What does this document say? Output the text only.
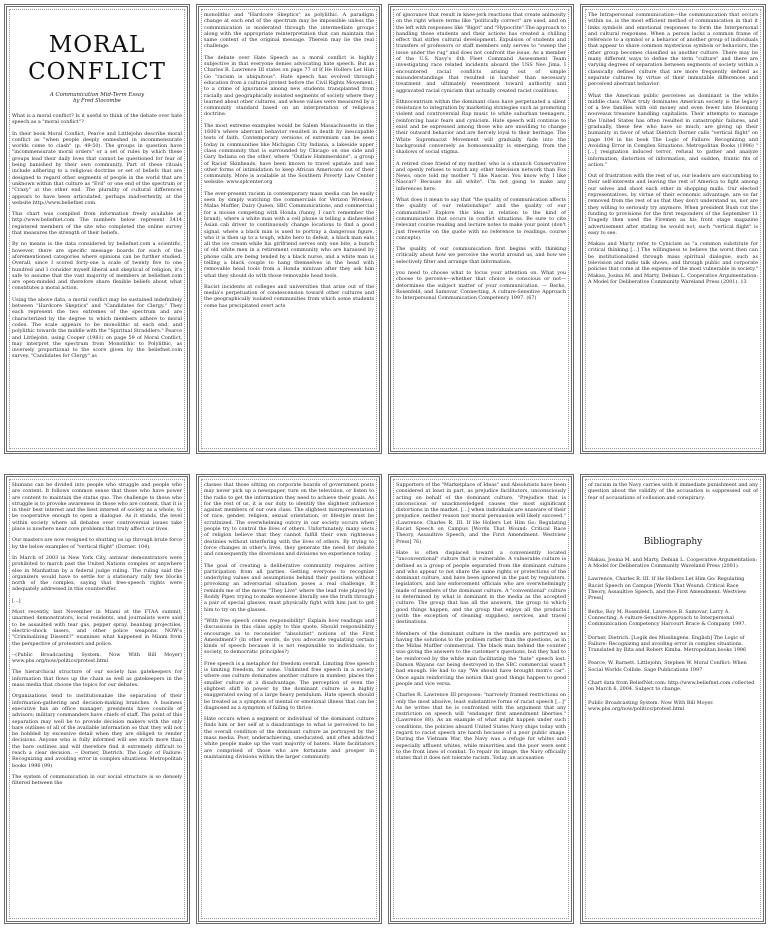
MORAL
CONFLICT
A Communication Mid-Term Essay
by Fred Slocombe

What is a moral conflict? Is it useful to think of the debate over hate speech as a "moral conflict"?

In their book Moral Conflict, Pearce and Littlejohn describe moral conflict as "when people deeply enmeshed in incommensurate worlds come to clash" (p. 49-50). The groups in question have "incommensurate moral orders" or a set of rules by which these groups lead their daily lives that cannot be questioned for fear of being banished by their own community. Part of these rituals include adhering to a religious doctrine or set of beliefs that are designed to regard other segments of people in the world that are unknown within that culture as "Evil" or one end of the spectrum or "Crazy" at the other end. The plurality of cultural differences appears to have been articulated, perhaps inadvertently, at the website http://www.beliefnet.com.

This chart was compiled from information freely available at http://www.beliefnet.com The numbers below represent 3414 registered members of the site who completed the online survey that measures the strength of their beliefs.

By no means is the data considered by beliefnet.com a scientific, however, there are specific message boards for each of the aforementioned categories where opinions can be further studied. Overall, since I scored forty-one a scale of twenty five to one hundred and I consider myself liberal and skeptical of religion, it's safe to assume that the vast majority of members at beliefnet.com are open-minded and therefore share flexible beliefs about what constitutes a moral action.

Using the above data, a moral conflict may be sustained indefinitely between "Hardcore Skeptics" and "Candidates for Clergy." They each represent the two extremes of the spectrum and are characterized by the degree to which members adhere to moral codes. The scale appears to be monolithic at each end, and polylithic towards the middle with the "Spiritual Straddlers." Pearce and Littlejohn, using Cooper (1981) on page 59 of Moral Conflict, may interpret the spectrum from Monolithic to Polylithic, as inversely proportional to the score given by the beliefnet.com survey, "Candidates for Clergy" as

monolithic and "Hardcore Skeptics" as polylithic. A paradigm change at each end of the spectrum may be impossible unless the communication is moderated through the intermediate groups along with the appropriate reinterpretation that can maintain the same context of the original message. Therein may lie the real challenge.

The debate over Hate Speech as a moral conflict is highly subjective in that everyone denies advocating hate speech. But as Charles R. Lawrence III states on page 77 of If He Hollers Let Him Go "racism is ubiquitous". Hate speech has evolved through education from a cultural protest before the Civil Rights Movement, to a crime of ignorance among new students transplanted from racially and geographically isolated segments of society where they learned about other cultures, and whose values were measured by a community standard based on an interpretation of religious doctrine.

The most extreme examples would be Salem Massachusetts in the 1600's where aberrant behavior resulted in death by inescapable tests of faith. Contemporary versions of extremism can be seen today in communities like Michigan City Indiana, a lakeside upper class community that is surrounded by Chicago on one side and Gary Indiana on the other, where "Outlaw Hammerskins", a group of Racist Skinheads, have been known to travel upstate and use other forms of intimidation to keep African Americans out of their community. More is available at the Southern Poverty Law Center website: www.splcenter.org

The ever-present racism in contemporary mass media can be easily seen by simply watching the commercials for Verizon Wireless, Malas Muffler, Dairy Queen, SBC Communications, and commercial for a mouse competing with Honda (funny, I can't remember the brand), where a white man with a cell phone is telling a disheveled Asian cab driver to continuously change locations to find a good signal, where a black man is used to portray a dangerous figure, who it is then up to a tough, white hero to defeat, a black man eats all the ice cream while his girlfriend serves only one bite, a bunch of old white men in a retirement community who are harassed by phone calls are being tended by a black nurse, and a white man is telling a black couple to hang themselves in the head with removable head tools from a Honda minivan after they ask him what they should do with those removable head tools.

Racist incidents at colleges and universities that arise out of the media's perpetuation of condescension toward other cultures and the geographically isolated communities from which some students come has precipitated overt acts

of ignorance that result in knee-jerk reactions that create animosity on the right where terms like "politically correct" are used, and on the left with responses like "Bigot" and "Hypocrite" The approach to handling those students and their actions has created a chilling effect that stifles cultural development. Expulsion of students and transfers of professors or staff members only serves to "sweep the issue under the rug" and does not confront the issue. As a member of the U.S. Navy's 6th Fleet Command Assessment Team investigating race related incidents aboard the USS Neo Jima, I encountered racial conflicts arising out of simple misunderstandings that resulted in harsher than necessary treatment and ultimately resentment toward authority and aggravated racial cynicism that actually created racist coalitions.

Ethnocentrism within the dominant class have perpetuated a silent resistance to integration by marketing strategies such as promoting violent and controversial Rap music to white suburban teenagers, reinforcing basic fears and cynicism. Hate speech will continue to exist and be expressed among those who are unwilling to change their outward behavior and are fiercely loyal to their heritage. The White Supremacist Movement will gradually fade into the background conversely as homosexuality is emerging, from the shadows of social stigma.

A retired close friend of my mother, who is a staunch Conservative and openly refuses to watch any other television network than Fox News, once told my mother "I like Nascar. You know why I like Nascar? Because its all white". I'm not going to make any inferences here.

What does it mean to say that "the quality of communication affects the quality of our relationships" and the quality of our communities? Explore this idea in relation to the kind of communication that occurs in conflict situations. Be sure to cite relevant course reading and lecture notes to make your point (don't just freewrite on the quote with no reference to readings, course concepts).

The quality of our communication first begins with thinking critically about how we perceive the world around us, and how we selectively filter and arrange that information.

you need to choose what to focus your attention on. What you choose to perceive—whether that choice is conscious or not—determines the subject matter of your communication. — Berko, Rosenfeld, and Samovar. Connecting, A culture-Sensitive Approach to Interpersonal Communication Competency 1997. (67)

The Intrapersonal communication—the communication that occurs within us, is the most efficient method of communication in that it links symbols and emotional responses to form the Interpersonal and cultural responses. When a person lacks a common frame of reference to a symbol or a behavior of another group of individuals that appear to share common mysterious symbols or behaviors, the other group becomes classified as another culture. There may be many different ways to define the term "culture" and there are varying degrees of separation between segments of society within a classically defined culture that are more frequently defined as separate cultures by virtue of their immutable differences and perceived aberrant behavior.

What the American public perceives as dominant is the white middle class. What truly dominates American society is the legacy of a few families with old money and even fewer late blooming nouveaux treasure handling capitalists. Their attempts to manage the United States has often resulted in catastrophic failures, and gradually, these few who have so much, are giving up their humanity in favor of what Dietrich Dorner calls "vertical flight" on page 104 in his book The Logic of Failure: Recognizing and Avoiding Error in Complex Situations. Metropolitan Books (1996) " [...] resignation induced terror, refusal to gather and analyze information, distortion of information, and sudden, frantic fits of action."

Out of frustration with the rest of us, our leaders are succumbing to their self-interests and leaving the rest of America to fight among our selves and shoot each other in shopping malls. Our elected representatives, by virtue of their economic advantage, are so far removed from the rest of us that they don't understand us, nor are they willing to seriously try anymore. When president Bush cut the funding to provisions for the first responders of the September 11 Tragedy then used the Firemen as his front stage magazine advertisement after stating he would not, such "vertical flight" is easy to see.

Makau and Marty refer to Cynicism as "a common substitute for critical thinking [...] The willingness to believe the worst then can be institutionalized through mass spiritual dialogue, such as television and radio talk shows, and through public and corporate policies that come at the expense of the most vulnerable in society." Makau, Josina M. and Marty, Debian L. Cooperative Argumentation: A Model for Deliberative Community Wareland Press (2001). 13

Humans can be divided into people who struggle and people who are content. It follows common sense that those who have power are content to maintain the status quo. The challenge to those who struggle is to provoke awareness in those who are content, that it is in their best interest and the best interest of society as a whole, to be cooperative enough to open a dialogue. As it stands, the level within society where all debates over controversial issues take place is nowhere near core problems that truly affect our lives.

Our masters are now resigned to shutting us up through brute force by the below examples of "vertical flight" (Dorner. 104).

In March of 2003 in New York City, antiwar demonstrators were prohibited to march past the United Nations complex or anywhere else in Manhattan by a federal judge ruling. The ruling said the organizers would have to settle for a stationary rally few blocks north of the complex, saying that free-speech rights were adequately addressed in this counteroffer.

[...]

Most recently, last November in Miami at the FTAA summit, unarmed demonstrators, local residents, and journalists were said to be assaulted with tear gas, pepper spray, beanbag projectiles, electric-shock tasers, and other police weapons. NOW's "Criminalizing Dissent?" examines what happened in Miami from the perspective of protesters and police.

--(Public Broadcasting System. Now With Bill Moyer) www.pbs.org/now/politics/protest.html

The hierarchical structure of our society has gatekeepers for information that flows up the chain as well as gatekeepers in the mass media that choose the topics for our debates.

Organizations tend to institutionalize the separation of their information-gathering and decision-making branches. A business executive has an office manager; presidents have councils of advisors; military commanders have chiefs of staff. The point of this separation may well be to provide decision makers with the only bare outlines of all of the available information so that they will not be hobbled by excessive detail when they are obliged to render decisions. Anyone who is fully informed will see much more than the bare outlines and will therefore find it extremely difficult to reach a clear decision. -- Dorner, Dietrich. The Logic of Failure: Recognizing and avoiding error in complex situations. Metropolitan books 1996 (99)

The system of communication in our social structure is so densely filtered between the

classes that those sitting on corporate boards of government posts may never pick up a newspaper, turn on the television, or listen to the radio to get the information they need to achieve their goals. As for the rest of us, it is our duty to identify the slightest influence against members of our own class. The slightest misrepresentation of race, gender, religion, sexual orientation, or lifestyle must be scrutinized. The overwhelming outcry in our society occurs when people try to control the lives of others. Unfortunately, many sects of religion believe that they cannot fulfill their own righteous destinies without interfering with the lives of others. By trying to force changes in other's lives, they generate the need for debate and consequently the diversions and divisions we experience today.

The goal of creating a deliberative community requires active participation from all parties. Getting everyone to recognize underlying values and assumptions behind their positions without provoking an adversarial situation poses a real challenge. It reminds me of the movie "They Live" where the lead role played by Roddy Piper, trying to make someone literally see the truth through a pair of special glasses, must physically fight with him just to get him to try on the glasses.

"With free speech comes responsibility" Explain how readings and discussions in this class apply to this quote. Should responsibility encourage us to reconsider "absolutist" notions of the First Amendment? (In other words, do you advocate regulating certain kinds of speech because it is not responsible to individuals, to society, to democratic principles?)

Free speech is a metaphor for freedom overall. Limiting free speech is limiting freedom, for some. Unlimited free speech in a society where one culture dominates another culture in number, places the smaller culture at a disadvantage. The perception of even the slightest shift in power by the dominant culture is a highly exaggerated swing of a large heavy pendulum. Hate speech should be treated as a symptom of mental or emotional illness that can be diagnosed as a symptom of failing to thrive.

Hate occurs when a segment or individual of the dominant culture finds him or her self at a disadvantage to what is perceived to be the overall condition of the dominant culture as portrayed by the mass media. Poor, underachieving, uneducated, and often addicted white people make up the vast majority of haters. Hate facilitators are comprised of those who are fortunate and prosper in maintaining divisions within the larger community.

Supporters of the "Marketplace of Ideas" and Absolutists have been considered at least in part, as prejudice facilitators, unconsciously acting on behalf of the dominant culture. "Prejudice that is unconscious or unacknowledged causes the most significant distortions in the market. [...] when individuals are unaware of their prejudice, neither reason nor moral persuasion will likely succeed." (Lawrence, Charles R. III. If He Hollers Let Him Go: Regulating Racist Speech on Campus [Words That Wound: Critical Race Theory, Assaultive Speech, and the First Amendment. Westview Press] 76)

Hate is often displaced toward a conveniently located "unconventional" culture that is vulnerable. A vulnerable culture is defined as a group of people separated from the dominant culture and who appear to not share the same rights or protections of the dominant culture, and have been ignored in the past by regulators, legislators, and law enforcement officials who are overwhelmingly made of members of the dominant culture. A "conventional" culture is determined by what is dominant in the media as the accepted culture. The group that has all the answers, the group to which good things happen, and the group that enjoys all the products (with the exception of cleaning supplies), services, and travel destinations.

Members of the dominant culture in the media are portrayed as having the solutions to the problem rather than the questions, as in the Midas Muffler commercial. The black man behind the counter was giving the answers to the customer's questions, but they had to be reinforced by the white man facilitating the "hate" speech lost. Damon Wayans car being destroyed in the SBC commercial wasn't bad enough. He had to say "We should have brought mom's car". Once again reinforcing the notion that good things happen to good people and vice versa.

Charles R. Lawrence III proposes: "narrowly framed restrictions on only the most abusive, least substantive forms of racist speech [...]" As he writes that he is confronted with the argument that any restriction on speech will "endanger first amendment liberties." (Lawrence 88). As an example of what might happen under such conditions, the policies aboard United States Navy ships today with regard to racist speech are harsh because of a poor public image. During the Vietnam War, the Navy was a refuge for whites and especially affluent whites, while minorities and the poor were sent to the front lines of combat. To repair its image, the Navy officially states that it does not tolerate racism. Today, an accusation

of racism in the Navy carries with it immediate punishment and any question about the validity of the accusation is suppressed out of fear of accusations of collusion and conspiracy.

Bibliography

Makau, Josina M. and Marty, Debian L. Cooperative Argumentation: A Model for Deliberative Community Waveland Press (2001).

Lawrence, Charles R. III. If He Hollers Let Him Go: Regulating Racist Speech on Campus [Words That Wound: Critical Race Theory, Assaultive Speech, and the First Amendment. Westview Press]

Berko, Roy M. Rosenfeld, Lawrence B. Samovar, Larry A. Connecting, A culture-Sensitive Approach to Interpersonal Communication Competency Harcourt Brace & Company 1997.

Dorner, Dietrich. [Logik des Misslingens. English] The Logic of Failure: Recognizing and avoiding error in complex situations. Translated by Rita and Robert Kimba. Metropolitan books 1996

Pearce, W. Barnett. Littlejohn, Stephen W. Moral Conflict: When Social Worlds Collide. Sage Publications 1997

Chart data from BeliefNet.com: http://www.beliefnet.com collected on March 6, 2004. Subject to change.

Public Broadcasting System. Now With Bill Moyer. www.pbs.org/now/politics/protest.html
